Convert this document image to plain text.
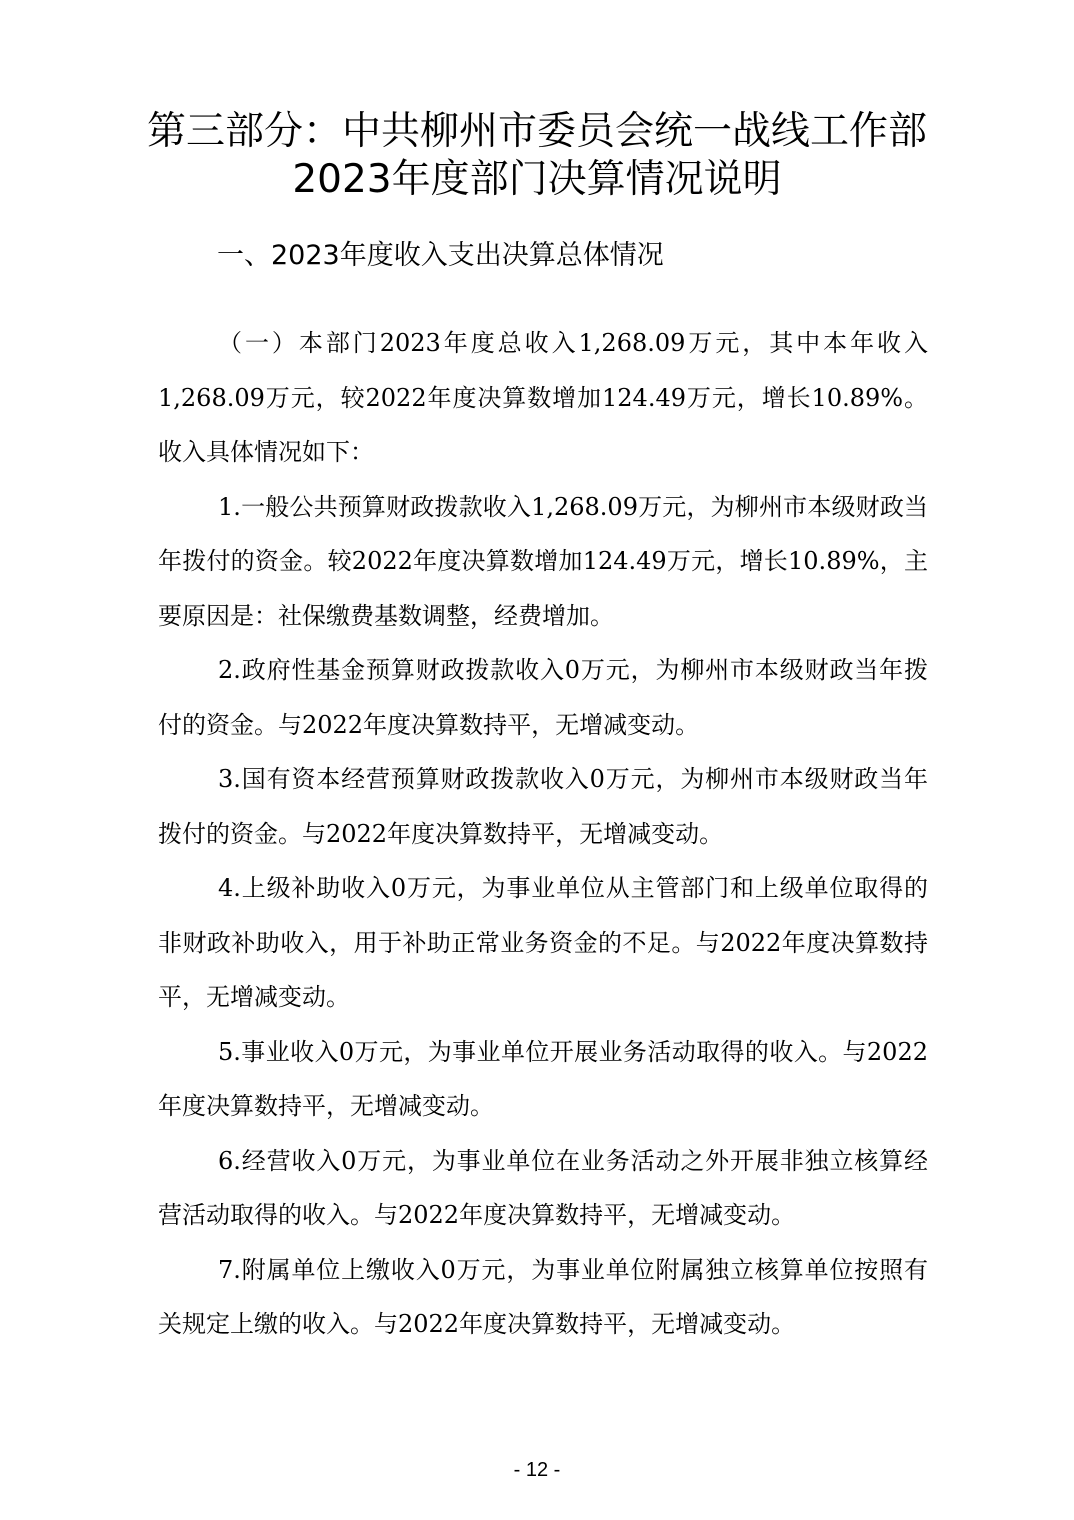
第三部分：中共柳州市委员会统一战线工作部2023年度部门决算情况说明
一、2023年度收入支出决算总体情况

（一）本部门2023年度总收入1,268.09万元，其中本年收入1,268.09万元，较2022年度决算数增加124.49万元，增长10.89%。收入具体情况如下：

1.一般公共预算财政拨款收入1,268.09万元，为柳州市本级财政当年拨付的资金。较2022年度决算数增加124.49万元，增长10.89%，主要原因是：社保缴费基数调整，经费增加。

2.政府性基金预算财政拨款收入0万元，为柳州市本级财政当年拨付的资金。与2022年度决算数持平，无增减变动。

3.国有资本经营预算财政拨款收入0万元，为柳州市本级财政当年拨付的资金。与2022年度决算数持平，无增减变动。

4.上级补助收入0万元，为事业单位从主管部门和上级单位取得的非财政补助收入，用于补助正常业务资金的不足。与2022年度决算数持平，无增减变动。

5.事业收入0万元，为事业单位开展业务活动取得的收入。与2022年度决算数持平，无增减变动。

6.经营收入0万元，为事业单位在业务活动之外开展非独立核算经营活动取得的收入。与2022年度决算数持平，无增减变动。

7.附属单位上缴收入0万元，为事业单位附属独立核算单位按照有关规定上缴的收入。与2022年度决算数持平，无增减变动。

- 12 -
